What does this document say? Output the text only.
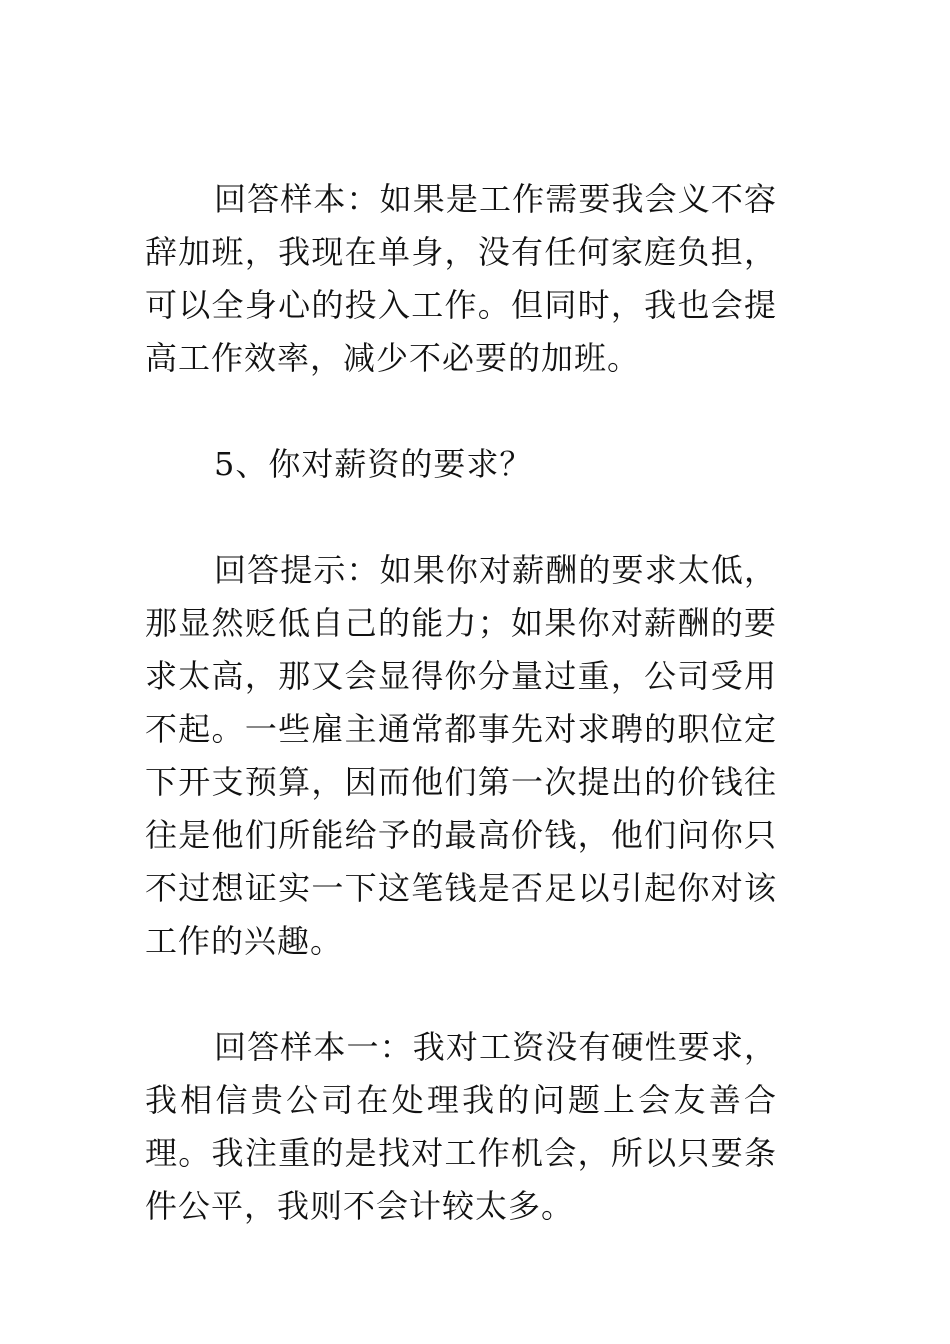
回答样本：如果是工作需要我会义不容辞加班，我现在单身，没有任何家庭负担，可以全身心的投入工作。但同时，我也会提高工作效率，减少不必要的加班。

5、你对薪资的要求？

回答提示：如果你对薪酬的要求太低，那显然贬低自己的能力；如果你对薪酬的要求太高，那又会显得你分量过重，公司受用不起。一些雇主通常都事先对求聘的职位定下开支预算，因而他们第一次提出的价钱往往是他们所能给予的最高价钱，他们问你只不过想证实一下这笔钱是否足以引起你对该工作的兴趣。

回答样本一：我对工资没有硬性要求，我相信贵公司在处理我的问题上会友善合理。我注重的是找对工作机会，所以只要条件公平，我则不会计较太多。
